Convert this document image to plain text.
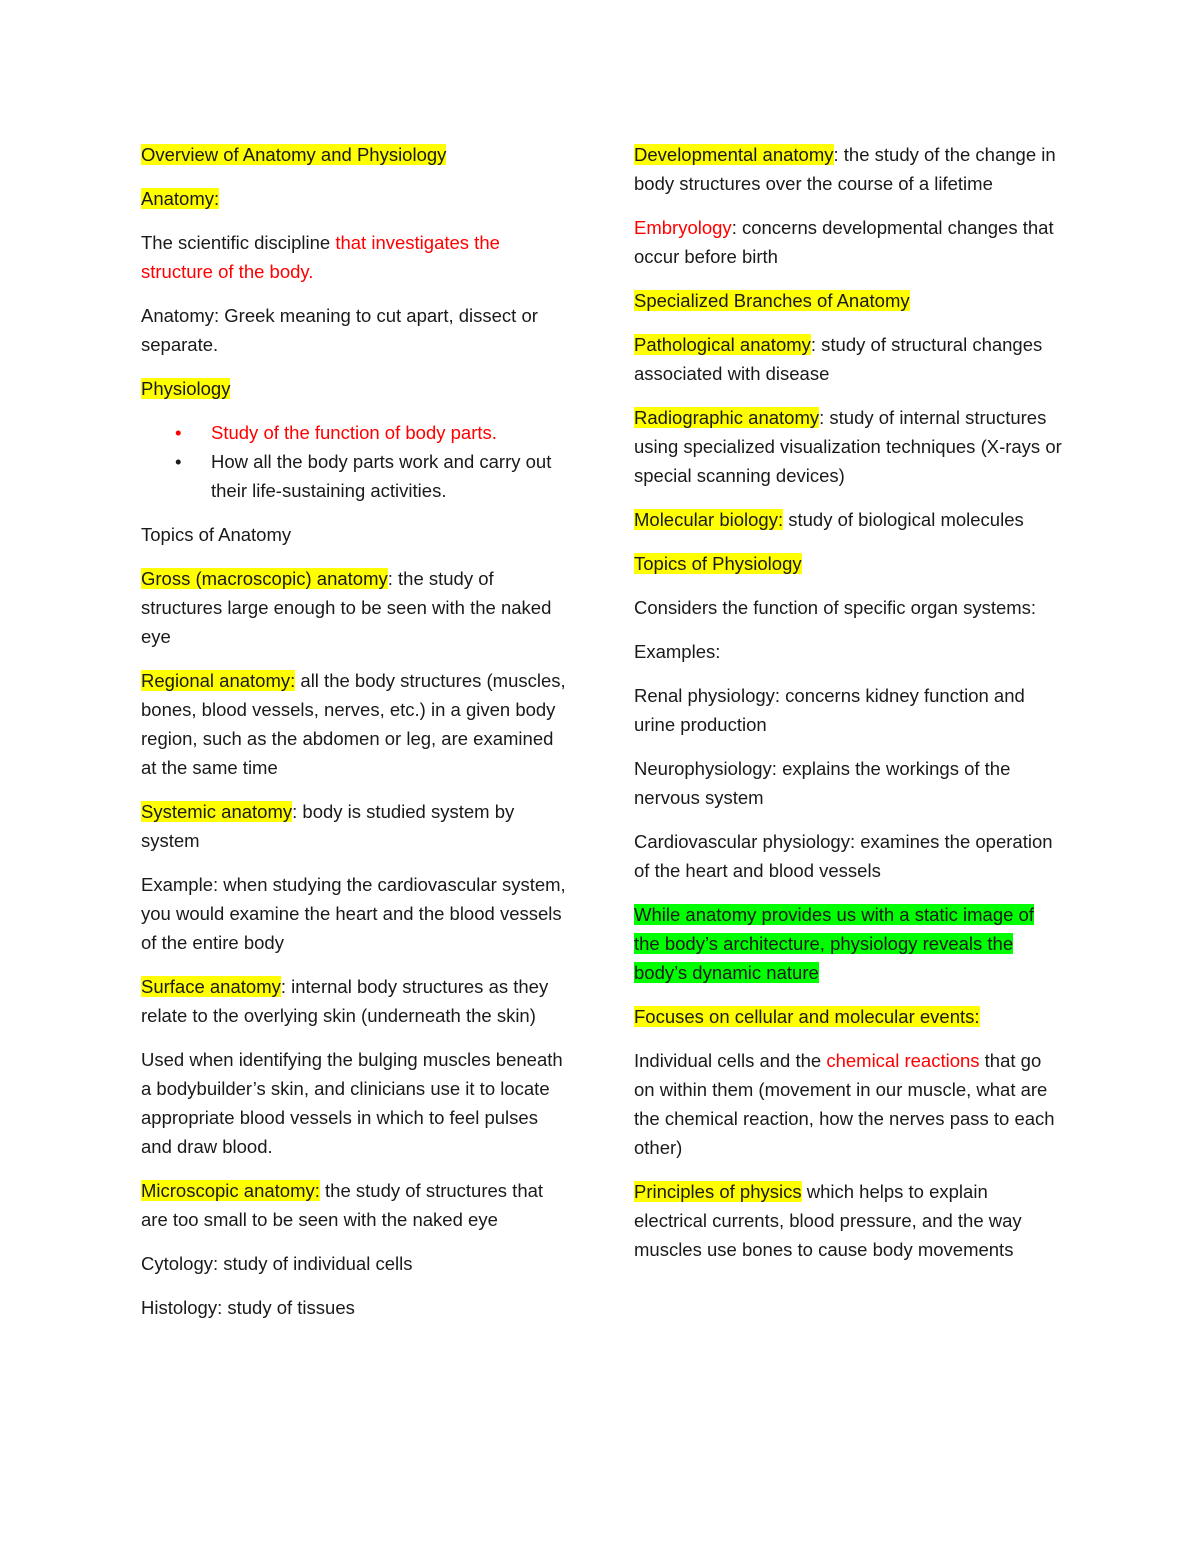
Overview of Anatomy and Physiology

Anatomy:

The scientific discipline that investigates the structure of the body.

Anatomy: Greek meaning to cut apart, dissect or separate.

Physiology

• Study of the function of body parts.
• How all the body parts work and carry out their life-sustaining activities.

Topics of Anatomy

Gross (macroscopic) anatomy: the study of structures large enough to be seen with the naked eye

Regional anatomy: all the body structures (muscles, bones, blood vessels, nerves, etc.) in a given body region, such as the abdomen or leg, are examined at the same time

Systemic anatomy: body is studied system by system

Example: when studying the cardiovascular system, you would examine the heart and the blood vessels of the entire body

Surface anatomy: internal body structures as they relate to the overlying skin (underneath the skin)

Used when identifying the bulging muscles beneath a bodybuilder’s skin, and clinicians use it to locate appropriate blood vessels in which to feel pulses and draw blood.

Microscopic anatomy: the study of structures that are too small to be seen with the naked eye

Cytology: study of individual cells

Histology: study of tissues

Developmental anatomy: the study of the change in body structures over the course of a lifetime

Embryology: concerns developmental changes that occur before birth

Specialized Branches of Anatomy

Pathological anatomy: study of structural changes associated with disease

Radiographic anatomy: study of internal structures using specialized visualization techniques (X-rays or special scanning devices)

Molecular biology: study of biological molecules

Topics of Physiology

Considers the function of specific organ systems:

Examples:

Renal physiology: concerns kidney function and urine production

Neurophysiology: explains the workings of the nervous system

Cardiovascular physiology: examines the operation of the heart and blood vessels

While anatomy provides us with a static image of the body’s architecture, physiology reveals the body’s dynamic nature

Focuses on cellular and molecular events:

Individual cells and the chemical reactions that go on within them (movement in our muscle, what are the chemical reaction, how the nerves pass to each other)

Principles of physics which helps to explain electrical currents, blood pressure, and the way muscles use bones to cause body movements
